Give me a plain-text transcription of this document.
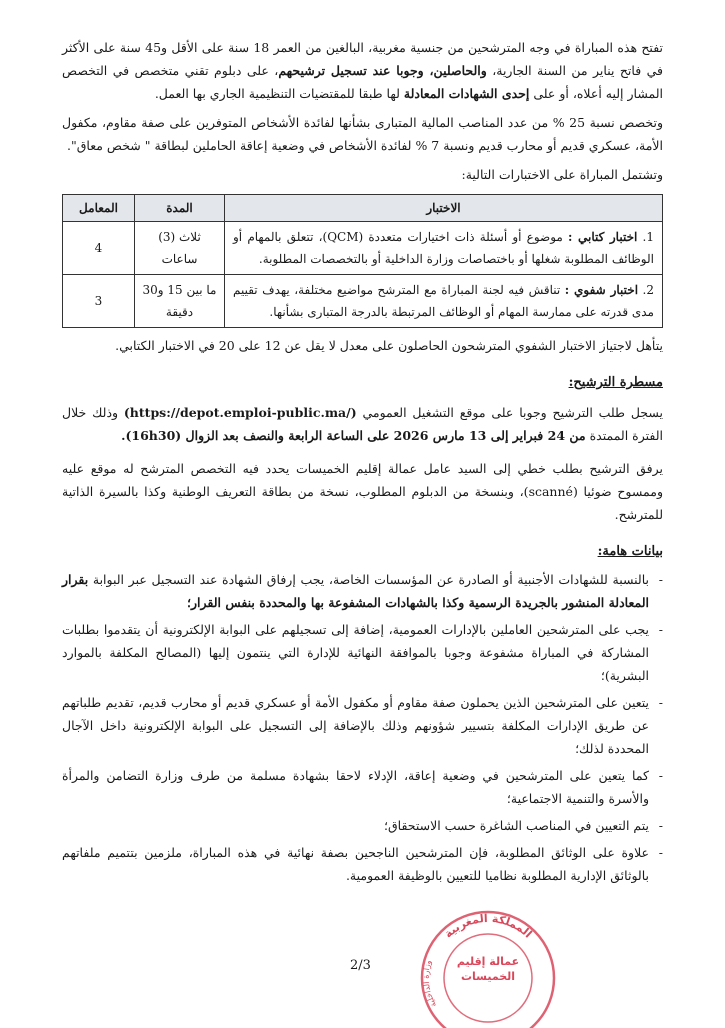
تفتح هذه المباراة في وجه المترشحين من جنسية مغربية، البالغين من العمر 18 سنة على الأقل و45 سنة على الأكثر في فاتح يناير من السنة الجارية، والحاصلين، وجوبا عند تسجيل ترشيحهم، على دبلوم تقني متخصص في التخصص المشار إليه أعلاه، أو على إحدى الشهادات المعادلة لها طبقا للمقتضيات التنظيمية الجاري بها العمل.

وتخصص نسبة 25 % من عدد المناصب المالية المتبارى بشأنها لفائدة الأشخاص المتوفرين على صفة مقاوم، مكفول الأمة، عسكري قديم أو محارب قديم ونسبة 7 % لفائدة الأشخاص في وضعية إعاقة الحاملين لبطاقة " شخص معاق".

وتشتمل المباراة على الاختبارات التالية:

الاختبار	المدة	المعامل
1. اختبار كتابي : موضوع أو أسئلة ذات اختيارات متعددة (QCM)، تتعلق بالمهام أو الوظائف المطلوبة شغلها أو باختصاصات وزارة الداخلية أو بالتخصصات المطلوبة.	ثلاث (3) ساعات	4
2. اختبار شفوي : تناقش فيه لجنة المباراة مع المترشح مواضيع مختلفة، يهدف تقييم مدى قدرته على ممارسة المهام أو الوظائف المرتبطة بالدرجة المتبارى بشأنها.	ما بين 15 و30 دقيقة	3

يتأهل لاجتياز الاختبار الشفوي المترشحون الحاصلون على معدل لا يقل عن 12 على 20 في الاختبار الكتابي.

مسطرة الترشيح:

يسجل طلب الترشيح وجوبا على موقع التشغيل العمومي (https://depot.emploi-public.ma/) وذلك خلال الفترة الممتدة من 24 فبراير إلى 13 مارس 2026 على الساعة الرابعة والنصف بعد الزوال (16h30).

يرفق الترشيح بطلب خطي إلى السيد عامل عمالة إقليم الخميسات يحدد فيه التخصص المترشح له موقع عليه وممسوح ضوئيا (scanné)، وبنسخة من الدبلوم المطلوب، نسخة من بطاقة التعريف الوطنية وكذا بالسيرة الذاتية للمترشح.

بيانات هامة:
- بالنسبة للشهادات الأجنبية أو الصادرة عن المؤسسات الخاصة، يجب إرفاق الشهادة عند التسجيل عبر البوابة بقرار المعادلة المنشور بالجريدة الرسمية وكذا بالشهادات المشفوعة بها والمحددة بنفس القرار؛
- يجب على المترشحين العاملين بالإدارات العمومية، إضافة إلى تسجيلهم على البوابة الإلكترونية أن يتقدموا بطلبات المشاركة في المباراة مشفوعة وجوبا بالموافقة النهائية للإدارة التي ينتمون إليها (المصالح المكلفة بالموارد البشرية)؛
- يتعين على المترشحين الذين يحملون صفة مقاوم أو مكفول الأمة أو عسكري قديم أو محارب قديم، تقديم طلباتهم عن طريق الإدارات المكلفة بتسيير شؤونهم وذلك بالإضافة إلى التسجيل على البوابة الإلكترونية داخل الآجال المحددة لذلك؛
- كما يتعين على المترشحين في وضعية إعاقة، الإدلاء لاحقا بشهادة مسلمة من طرف وزارة التضامن والمرأة والأسرة والتنمية الاجتماعية؛
- يتم التعيين في المناصب الشاغرة حسب الاستحقاق؛
- علاوة على الوثائق المطلوبة، فإن المترشحين الناجحين بصفة نهائية في هذه المباراة، ملزمين بتتميم ملفاتهم بالوثائق الإدارية المطلوبة نظاميا للتعيين بالوظيفة العمومية.
المملكة المغربية
وزارة الداخلية	عمالة إقليم الخميسات
2/3
